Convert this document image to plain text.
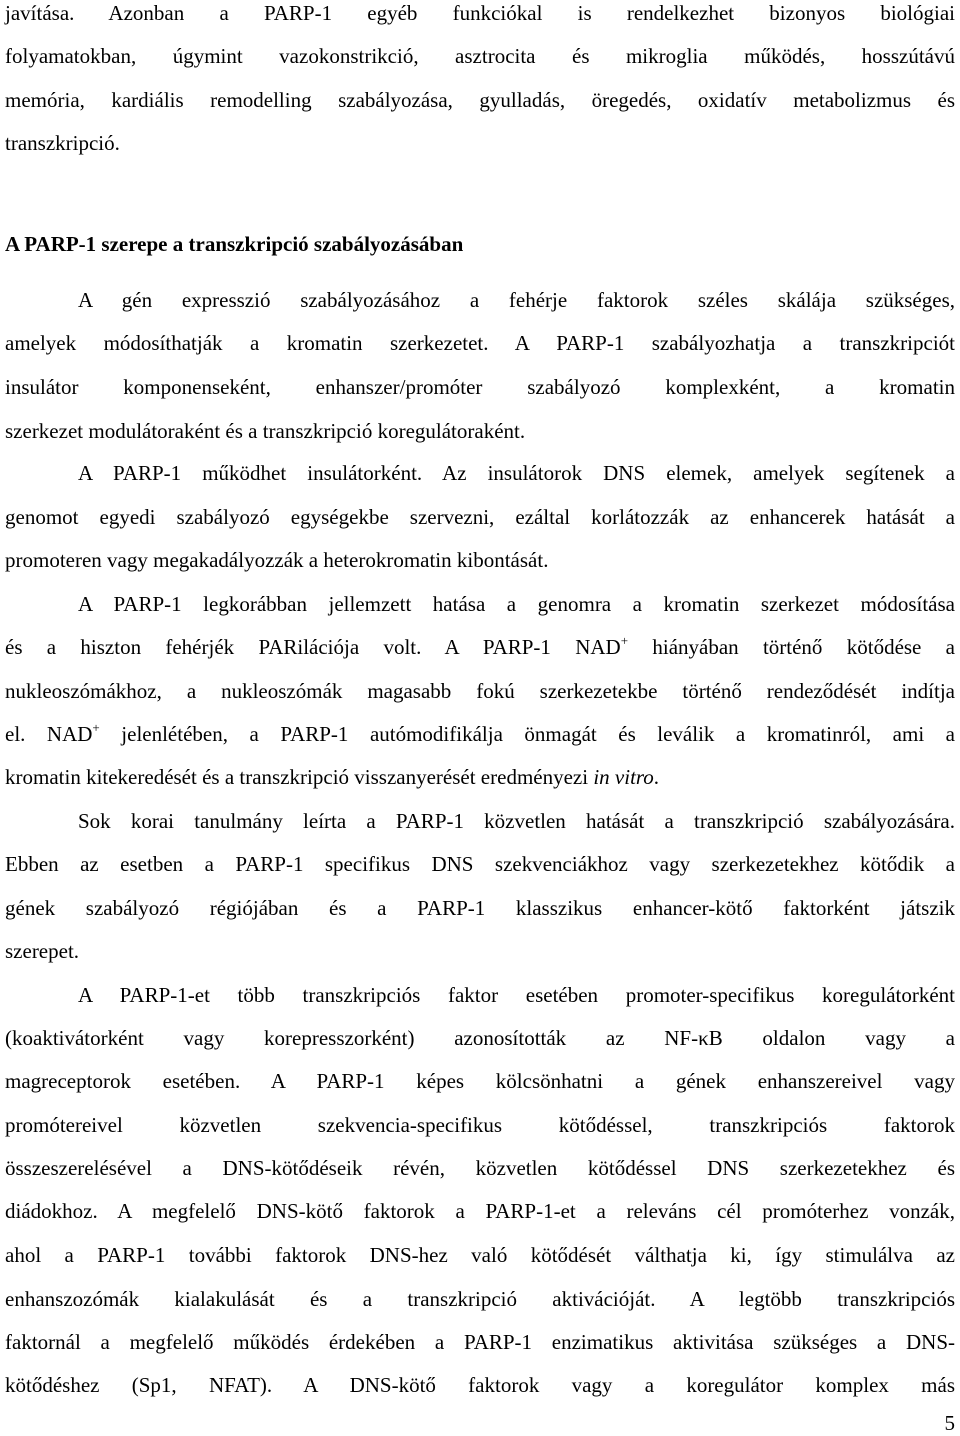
javítása. Azonban a PARP-1 egyéb funkciókal is rendelkezhet bizonyos biológiai
folyamatokban, úgymint vazokonstrikció, asztrocita és mikroglia működés, hosszútávú
memória, kardiális remodelling szabályozása, gyulladás, öregedés, oxidatív metabolizmus és
transzkripció.
A PARP-1 szerepe a transzkripció szabályozásában
A gén expresszió szabályozásához a fehérje faktorok széles skálája szükséges,
amelyek módosíthatják a kromatin szerkezetet. A PARP-1 szabályozhatja a transzkripciót
insulátor komponenseként, enhanszer/promóter szabályozó komplexként, a kromatin
szerkezet modulátoraként és a transzkripció koregulátoraként.
A PARP-1 működhet insulátorként. Az insulátorok DNS elemek, amelyek segítenek a
genomot egyedi szabályozó egységekbe szervezni, ezáltal korlátozzák az enhancerek hatását a
promoteren vagy megakadályozzák a heterokromatin kibontását.
A PARP-1 legkorábban jellemzett hatása a genomra a kromatin szerkezet módosítása
és a hiszton fehérjék PARilációja volt. A PARP-1 NAD+ hiányában történő kötődése a
nukleoszómákhoz, a nukleoszómák magasabb fokú szerkezetekbe történő rendeződését indítja
el. NAD+ jelenlétében, a PARP-1 autómodifikálja önmagát és leválik a kromatinról, ami a
kromatin kitekeredését és a transzkripció visszanyerését eredményezi in vitro.
Sok korai tanulmány leírta a PARP-1 közvetlen hatását a transzkripció szabályozására.
Ebben az esetben a PARP-1 specifikus DNS szekvenciákhoz vagy szerkezetekhez kötődik a
gének szabályozó régiójában és a PARP-1 klasszikus enhancer-kötő faktorként játszik
szerepet.
A PARP-1-et több transzkripciós faktor esetében promoter-specifikus koregulátorként
(koaktivátorként vagy korepresszorként) azonosították az NF-κB oldalon vagy a
magreceptorok esetében. A PARP-1 képes kölcsönhatni a gének enhanszereivel vagy
promótereivel közvetlen szekvencia-specifikus kötődéssel, transzkripciós faktorok
összeszerelésével a DNS-kötődéseik révén, közvetlen kötődéssel DNS szerkezetekhez és
diádokhoz. A megfelelő DNS-kötő faktorok a PARP-1-et a releváns cél promóterhez vonzák,
ahol a PARP-1 további faktorok DNS-hez való kötődését válthatja ki, így stimulálva az
enhanszozómák kialakulását és a transzkripció aktivációját. A legtöbb transzkripciós
faktornál a megfelelő működés érdekében a PARP-1 enzimatikus aktivitása szükséges a DNS-
kötődéshez (Sp1, NFAT). A DNS-kötő faktorok vagy a koregulátor komplex más
5
